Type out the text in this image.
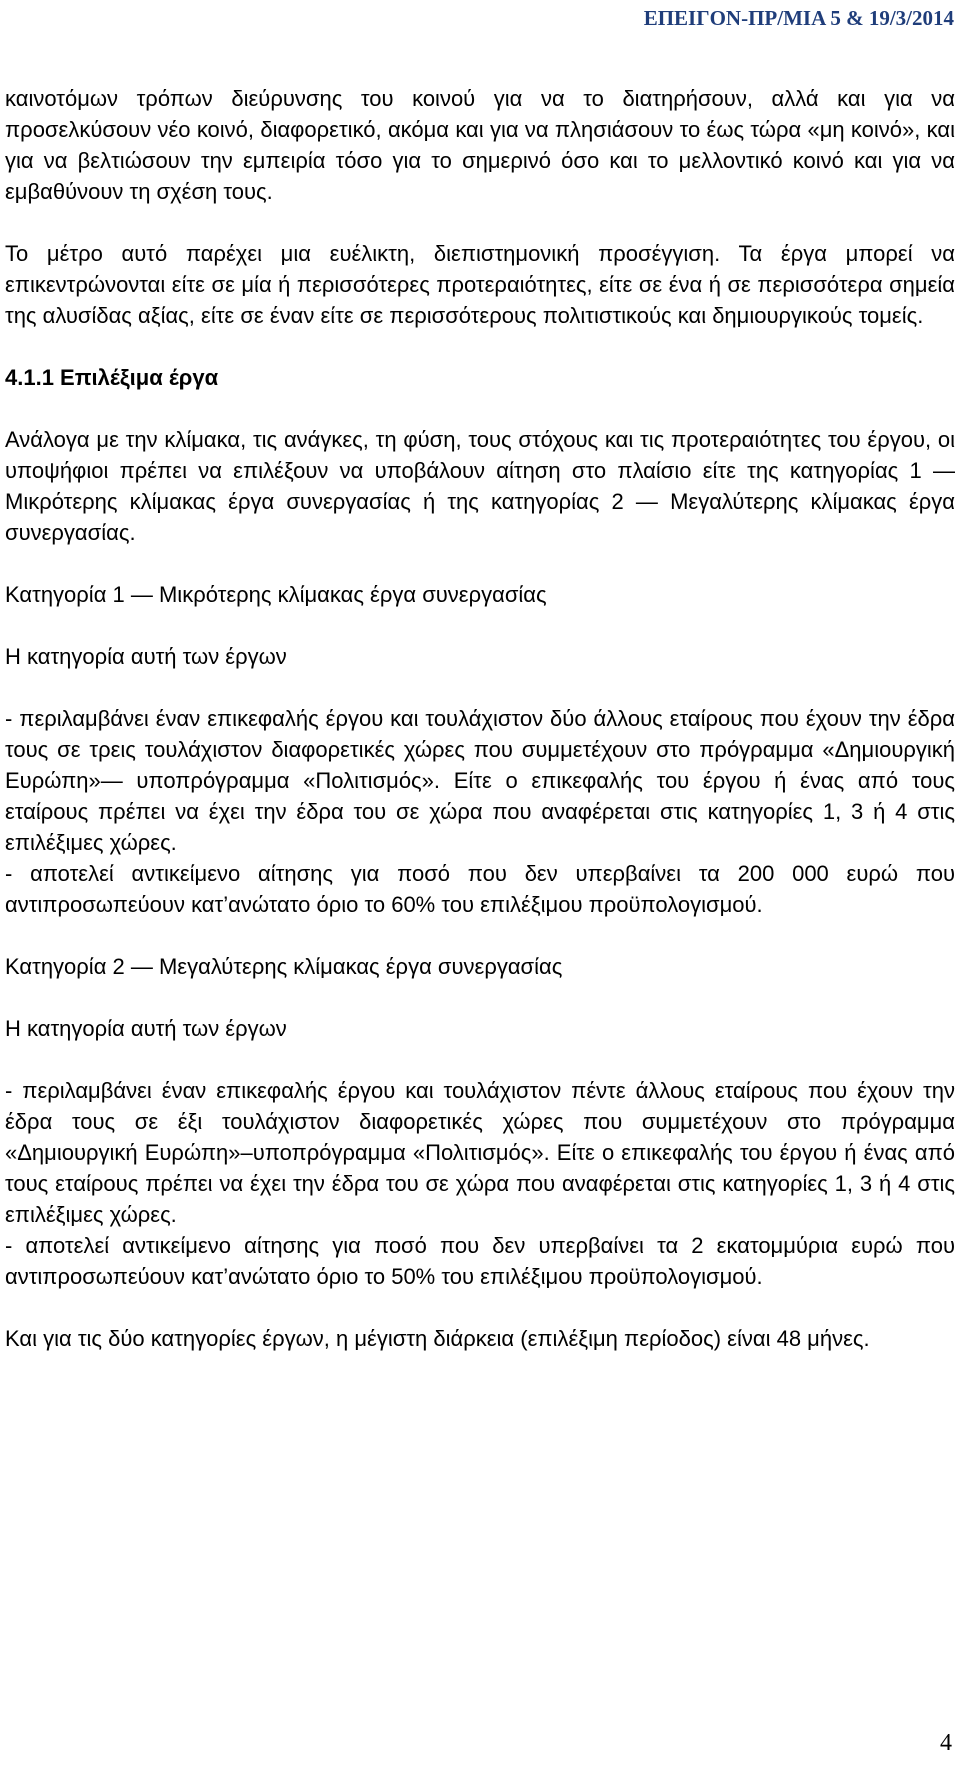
ΕΠΕΙΓΟΝ-ΠΡ/ΜΙΑ 5 & 19/3/2014

καινοτόμων τρόπων διεύρυνσης του κοινού για να το διατηρήσουν, αλλά και για να προσελκύσουν νέο κοινό, διαφορετικό, ακόμα και για να πλησιάσουν το έως τώρα «μη κοινό», και για να βελτιώσουν την εμπειρία τόσο για το σημερινό όσο και το μελλοντικό κοινό και για να εμβαθύνουν τη σχέση τους.

Το μέτρο αυτό παρέχει μια ευέλικτη, διεπιστημονική προσέγγιση. Τα έργα μπορεί να επικεντρώνονται είτε σε μία ή περισσότερες προτεραιότητες, είτε σε ένα ή σε περισσότερα σημεία της αλυσίδας αξίας, είτε σε έναν είτε σε περισσότερους πολιτιστικούς και δημιουργικούς τομείς.

4.1.1 Επιλέξιμα έργα

Ανάλογα με την κλίμακα, τις ανάγκες, τη φύση, τους στόχους και τις προτεραιότητες του έργου, οι υποψήφιοι πρέπει να επιλέξουν να υποβάλουν αίτηση στο πλαίσιο είτε της κατηγορίας 1 ― Μικρότερης κλίμακας έργα συνεργασίας ή της κατηγορίας 2 ― Μεγαλύτερης κλίμακας έργα συνεργασίας.

Κατηγορία 1 ― Μικρότερης κλίμακας έργα συνεργασίας

Η κατηγορία αυτή των έργων

- περιλαμβάνει έναν επικεφαλής έργου και τουλάχιστον δύο άλλους εταίρους που έχουν την έδρα τους σε τρεις τουλάχιστον διαφορετικές χώρες που συμμετέχουν στο πρόγραμμα «Δημιουργική Ευρώπη»― υποπρόγραμμα «Πολιτισμός». Είτε ο επικεφαλής του έργου ή ένας από τους εταίρους πρέπει να έχει την έδρα του σε χώρα που αναφέρεται στις κατηγορίες 1, 3 ή 4 στις επιλέξιμες χώρες.

- αποτελεί αντικείμενο αίτησης για ποσό που δεν υπερβαίνει τα 200 000 ευρώ που αντιπροσωπεύουν κατ’ανώτατο όριο το 60% του επιλέξιμου προϋπολογισμού.

Κατηγορία 2 ― Μεγαλύτερης κλίμακας έργα συνεργασίας

Η κατηγορία αυτή των έργων

- περιλαμβάνει έναν επικεφαλής έργου και τουλάχιστον πέντε άλλους εταίρους που έχουν την έδρα τους σε έξι τουλάχιστον διαφορετικές χώρες που συμμετέχουν στο πρόγραμμα «Δημιουργική Ευρώπη»–υποπρόγραμμα «Πολιτισμός». Είτε ο επικεφαλής του έργου ή ένας από τους εταίρους πρέπει να έχει την έδρα του σε χώρα που αναφέρεται στις κατηγορίες 1, 3 ή 4 στις επιλέξιμες χώρες.

- αποτελεί αντικείμενο αίτησης για ποσό που δεν υπερβαίνει τα 2 εκατομμύρια ευρώ που αντιπροσωπεύουν κατ’ανώτατο όριο το 50% του επιλέξιμου προϋπολογισμού.

Και για τις δύο κατηγορίες έργων, η μέγιστη διάρκεια (επιλέξιμη περίοδος) είναι 48 μήνες.

4
